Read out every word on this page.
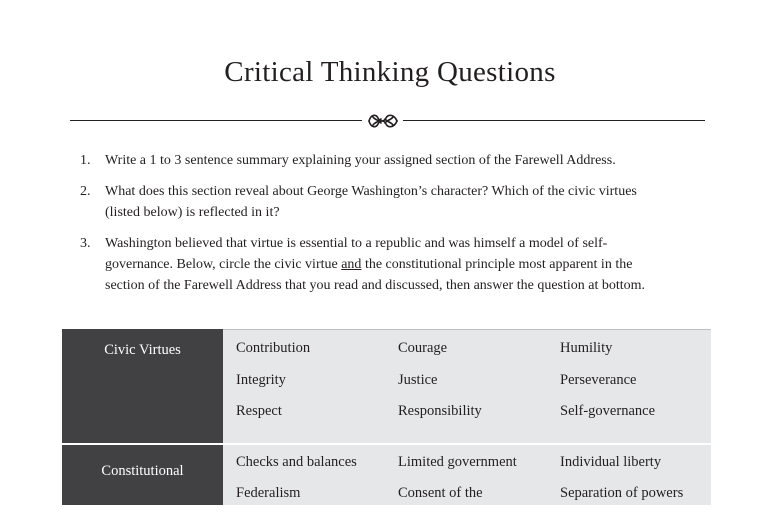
Critical Thinking Questions
1. Write a 1 to 3 sentence summary explaining your assigned section of the Farewell Address.
2. What does this section reveal about George Washington’s character? Which of the civic virtues
(listed below) is reflected in it?
3. Washington believed that virtue is essential to a republic and was himself a model of self-
governance. Below, circle the civic virtue and the constitutional principle most apparent in the
section of the Farewell Address that you read and discussed, then answer the question at bottom.
Civic Virtues	Contribution	Courage	Humility
Integrity	Justice	Perseverance
Respect	Responsibility	Self-governance
Constitutional

Principles
Checks and balances	Limited government	Individual liberty
Federalism	Consent of the	Separation of powers
